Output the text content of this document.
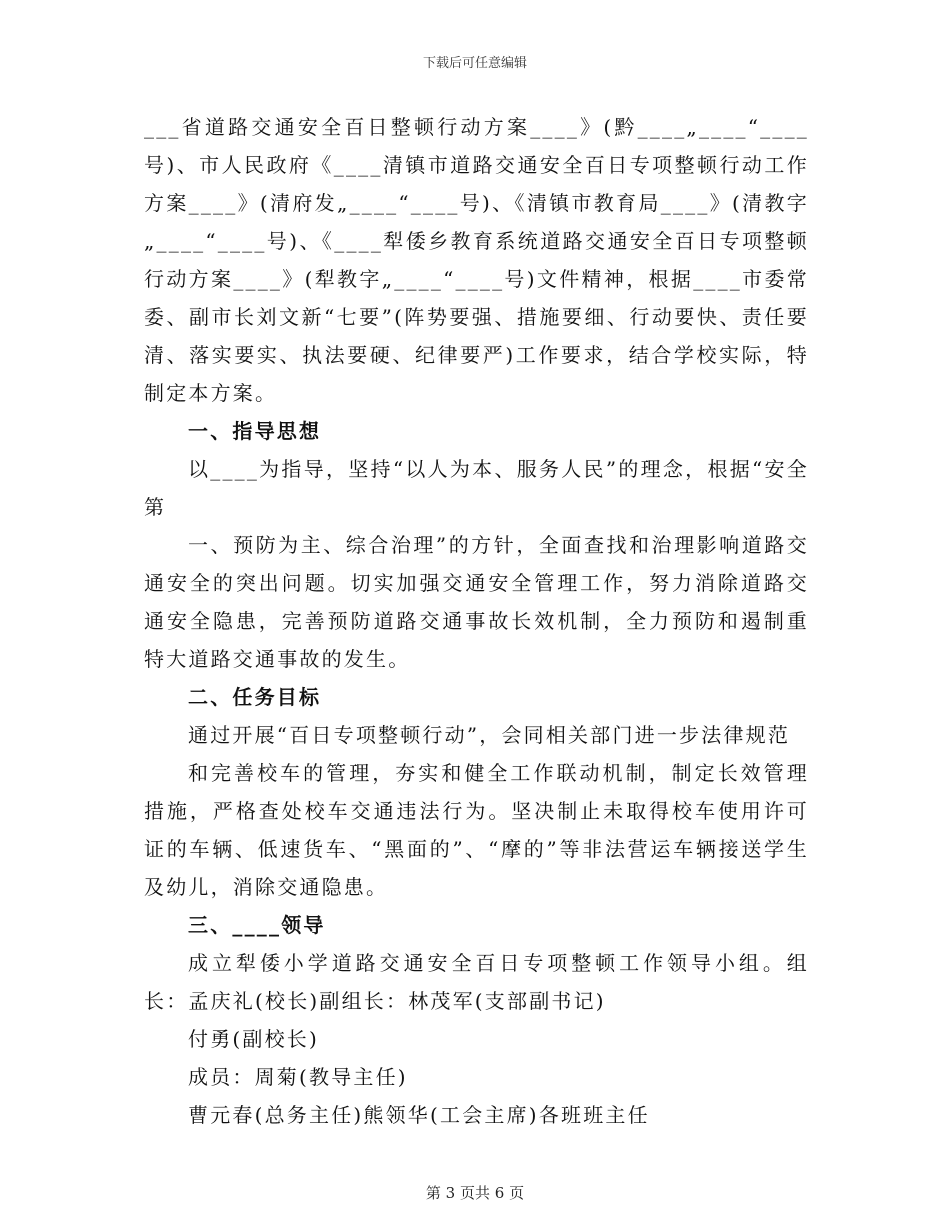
下载后可任意编辑

___省道路交通安全百日整顿行动方案____》(黔____„____“____号)、市人民政府《____清镇市道路交通安全百日专项整顿行动工作方案____》(清府发„____“____号)、《清镇市教育局____》(清教字„____“____号)、《____犁倭乡教育系统道路交通安全百日专项整顿行动方案____》(犁教字„____“____号)文件精神，根据____市委常委、副市长刘文新“七要”(阵势要强、措施要细、行动要快、责任要清、落实要实、执法要硬、纪律要严)工作要求，结合学校实际，特制定本方案。

一、指导思想

以____为指导，坚持“以人为本、服务人民”的理念，根据“安全第

一、预防为主、综合治理”的方针，全面查找和治理影响道路交通安全的突出问题。切实加强交通安全管理工作，努力消除道路交通安全隐患，完善预防道路交通事故长效机制，全力预防和遏制重特大道路交通事故的发生。

二、任务目标

通过开展“百日专项整顿行动”，会同相关部门进一步法律规范

和完善校车的管理，夯实和健全工作联动机制，制定长效管理措施，严格查处校车交通违法行为。坚决制止未取得校车使用许可证的车辆、低速货车、“黑面的”、“摩的”等非法营运车辆接送学生及幼儿，消除交通隐患。

三、____领导

成立犁倭小学道路交通安全百日专项整顿工作领导小组。组长：孟庆礼(校长)副组长：林茂军(支部副书记)

付勇(副校长)

成员：周菊(教导主任)

曹元春(总务主任)熊领华(工会主席)各班班主任

第 3 页共 6 页
